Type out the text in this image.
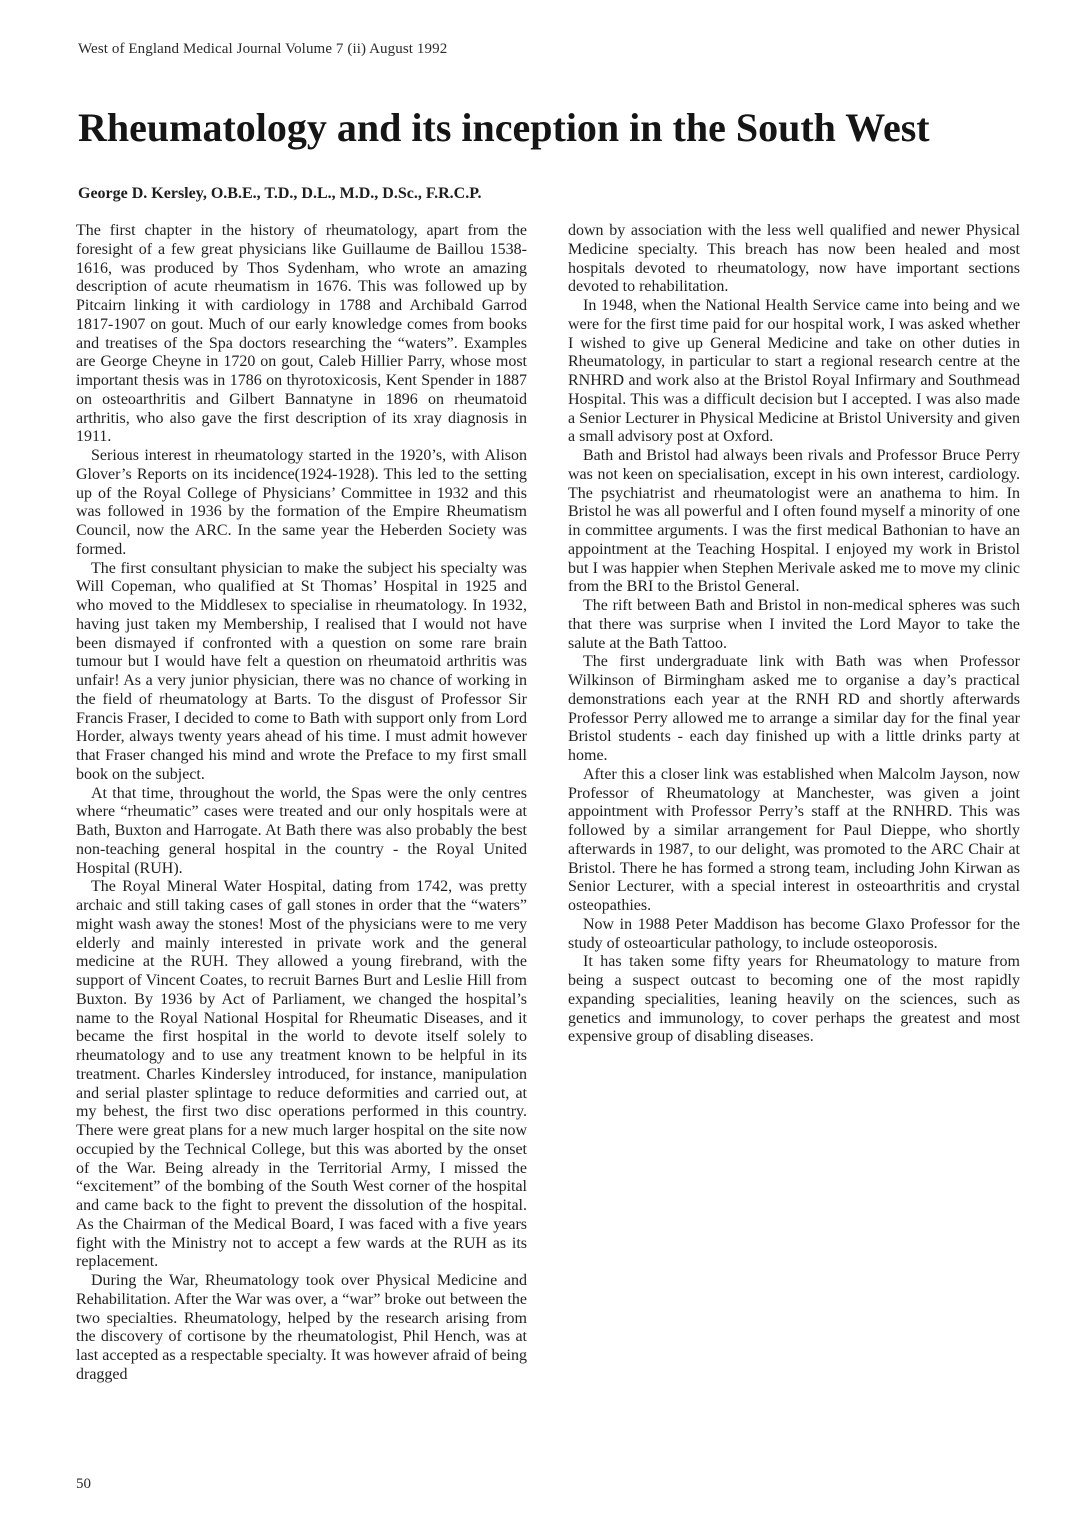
West of England Medical Journal Volume 7 (ii) August 1992
Rheumatology and its inception in the South West
George D. Kersley, O.B.E., T.D., D.L., M.D., D.Sc., F.R.C.P.

The first chapter in the history of rheumatology, apart from the foresight of a few great physicians like Guillaume de Baillou 1538-1616, was produced by Thos Sydenham, who wrote an amazing description of acute rheumatism in 1676. This was followed up by Pitcairn linking it with cardiology in 1788 and Archibald Garrod 1817-1907 on gout. Much of our early knowledge comes from books and treatises of the Spa doctors researching the “waters”. Examples are George Cheyne in 1720 on gout, Caleb Hillier Parry, whose most important thesis was in 1786 on thyrotoxicosis, Kent Spender in 1887 on osteoarthritis and Gilbert Bannatyne in 1896 on rheumatoid arthritis, who also gave the first description of its xray diagnosis in 1911.

Serious interest in rheumatology started in the 1920’s, with Alison Glover’s Reports on its incidence(1924-1928). This led to the setting up of the Royal College of Physicians’ Committee in 1932 and this was followed in 1936 by the formation of the Empire Rheumatism Council, now the ARC. In the same year the Heberden Society was formed.

The first consultant physician to make the subject his specialty was Will Copeman, who qualified at St Thomas’ Hospital in 1925 and who moved to the Middlesex to specialise in rheumatology. In 1932, having just taken my Membership, I realised that I would not have been dismayed if confronted with a question on some rare brain tumour but I would have felt a question on rheumatoid arthritis was unfair! As a very junior physician, there was no chance of working in the field of rheumatology at Barts. To the disgust of Professor Sir Francis Fraser, I decided to come to Bath with support only from Lord Horder, always twenty years ahead of his time. I must admit however that Fraser changed his mind and wrote the Preface to my first small book on the subject.

At that time, throughout the world, the Spas were the only centres where “rheumatic” cases were treated and our only hospitals were at Bath, Buxton and Harrogate. At Bath there was also probably the best non-teaching general hospital in the country - the Royal United Hospital (RUH).

The Royal Mineral Water Hospital, dating from 1742, was pretty archaic and still taking cases of gall stones in order that the “waters” might wash away the stones! Most of the physicians were to me very elderly and mainly interested in private work and the general medicine at the RUH. They allowed a young firebrand, with the support of Vincent Coates, to recruit Barnes Burt and Leslie Hill from Buxton. By 1936 by Act of Parliament, we changed the hospital’s name to the Royal National Hospital for Rheumatic Diseases, and it became the first hospital in the world to devote itself solely to rheumatology and to use any treatment known to be helpful in its treatment. Charles Kindersley introduced, for instance, manipulation and serial plaster splintage to reduce deformities and carried out, at my behest, the first two disc operations performed in this country. There were great plans for a new much larger hospital on the site now occupied by the Technical College, but this was aborted by the onset of the War. Being already in the Territorial Army, I missed the “excitement” of the bombing of the South West corner of the hospital and came back to the fight to prevent the dissolution of the hospital. As the Chairman of the Medical Board, I was faced with a five years fight with the Ministry not to accept a few wards at the RUH as its replacement.

During the War, Rheumatology took over Physical Medicine and Rehabilitation. After the War was over, a “war” broke out between the two specialties. Rheumatology, helped by the research arising from the discovery of cortisone by the rheumatologist, Phil Hench, was at last accepted as a respectable specialty. It was however afraid of being dragged

down by association with the less well qualified and newer Physical Medicine specialty. This breach has now been healed and most hospitals devoted to rheumatology, now have important sections devoted to rehabilitation.

In 1948, when the National Health Service came into being and we were for the first time paid for our hospital work, I was asked whether I wished to give up General Medicine and take on other duties in Rheumatology, in particular to start a regional research centre at the RNHRD and work also at the Bristol Royal Infirmary and Southmead Hospital. This was a difficult decision but I accepted. I was also made a Senior Lecturer in Physical Medicine at Bristol University and given a small advisory post at Oxford.

Bath and Bristol had always been rivals and Professor Bruce Perry was not keen on specialisation, except in his own interest, cardiology. The psychiatrist and rheumatologist were an anathema to him. In Bristol he was all powerful and I often found myself a minority of one in committee arguments. I was the first medical Bathonian to have an appointment at the Teaching Hospital. I enjoyed my work in Bristol but I was happier when Stephen Merivale asked me to move my clinic from the BRI to the Bristol General.

The rift between Bath and Bristol in non-medical spheres was such that there was surprise when I invited the Lord Mayor to take the salute at the Bath Tattoo.

The first undergraduate link with Bath was when Professor Wilkinson of Birmingham asked me to organise a day’s practical demonstrations each year at the RNH RD and shortly afterwards Professor Perry allowed me to arrange a similar day for the final year Bristol students - each day finished up with a little drinks party at home.

After this a closer link was established when Malcolm Jayson, now Professor of Rheumatology at Manchester, was given a joint appointment with Professor Perry’s staff at the RNHRD. This was followed by a similar arrangement for Paul Dieppe, who shortly afterwards in 1987, to our delight, was promoted to the ARC Chair at Bristol. There he has formed a strong team, including John Kirwan as Senior Lecturer, with a special interest in osteoarthritis and crystal osteopathies.

Now in 1988 Peter Maddison has become Glaxo Professor for the study of osteoarticular pathology, to include osteoporosis.

It has taken some fifty years for Rheumatology to mature from being a suspect outcast to becoming one of the most rapidly expanding specialities, leaning heavily on the sciences, such as genetics and immunology, to cover perhaps the greatest and most expensive group of disabling diseases.

50
